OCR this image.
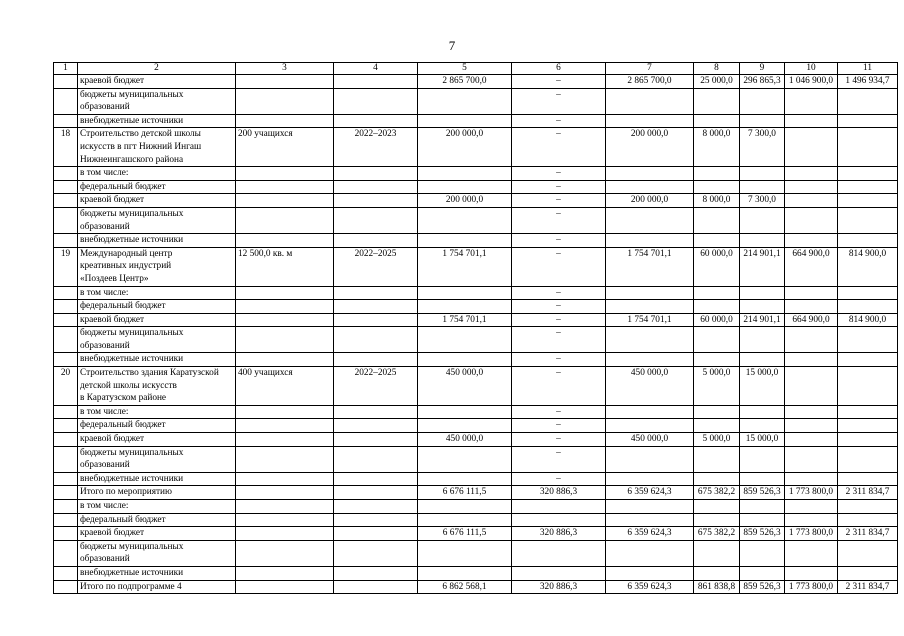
7
1	2	3	4	5	6	7	8	9	10	11
	краевой бюджет			2 865 700,0	–	2 865 700,0	25 000,0	296 865,3	1 046 900,0	1 496 934,7
	бюджеты муниципальных
образований				–					
	внебюджетные источники				–					
18	Строительство детской школы
искусств в пгт Нижний Ингаш
Нижнеингашского района	200 учащихся	2022–2023	200 000,0	–	200 000,0	8 000,0	7 300,0		
	в том числе:				–					
	федеральный бюджет				–					
	краевой бюджет			200 000,0	–	200 000,0	8 000,0	7 300,0		
	бюджеты муниципальных
образований				–					
	внебюджетные источники				–					
19	Международный центр
креативных индустрий
«Поздеев Центр»	12 500,0 кв. м	2022–2025	1 754 701,1	–	1 754 701,1	60 000,0	214 901,1	664 900,0	814 900,0
	в том числе:				–					
	федеральный бюджет				–					
	краевой бюджет			1 754 701,1	–	1 754 701,1	60 000,0	214 901,1	664 900,0	814 900,0
	бюджеты муниципальных
образований				–					
	внебюджетные источники				–					
20	Строительство здания Каратузской
детской школы искусств
в Каратузском районе	400 учащихся	2022–2025	450 000,0	–	450 000,0	5 000,0	15 000,0		
	в том числе:				–					
	федеральный бюджет				–					
	краевой бюджет			450 000,0	–	450 000,0	5 000,0	15 000,0		
	бюджеты муниципальных
образований				–					
	внебюджетные источники				–					
	Итого по мероприятию			6 676 111,5	320 886,3	6 359 624,3	675 382,2	859 526,3	1 773 800,0	2 311 834,7
	в том числе:									
	федеральный бюджет									
	краевой бюджет			6 676 111,5	320 886,3	6 359 624,3	675 382,2	859 526,3	1 773 800,0	2 311 834,7
	бюджеты муниципальных
образований									
	внебюджетные источники									
	Итого по подпрограмме 4			6 862 568,1	320 886,3	6 359 624,3	861 838,8	859 526,3	1 773 800,0	2 311 834,7
